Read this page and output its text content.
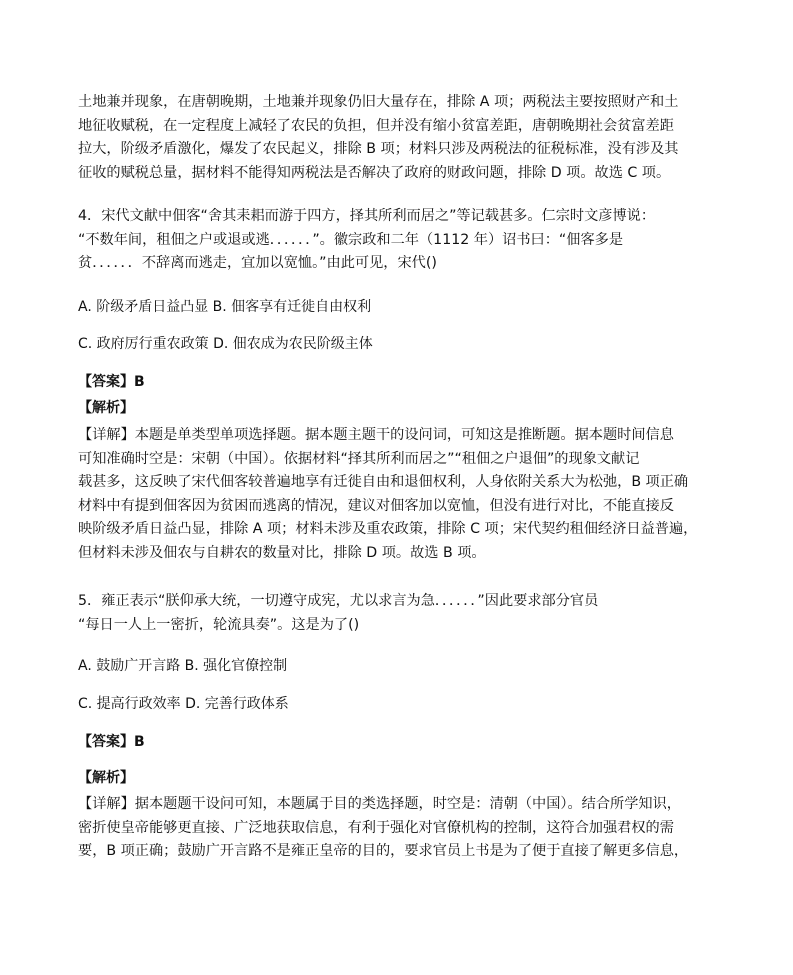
土地兼并现象，在唐朝晚期，土地兼并现象仍旧大量存在，排除 A 项；两税法主要按照财产和土
地征收赋税，在一定程度上减轻了农民的负担，但并没有缩小贫富差距，唐朝晚期社会贫富差距
拉大，阶级矛盾激化，爆发了农民起义，排除 B 项；材料只涉及两税法的征税标准，没有涉及其
征收的赋税总量，据材料不能得知两税法是否解决了政府的财政问题，排除 D 项。故选 C 项。
4．宋代文献中佃客“舍其耒耜而游于四方，择其所利而居之”等记载甚多。仁宗时文彦博说：
“不数年间，租佃之户或退或逃．．．．．．”。徽宗政和二年（1112 年）诏书曰：“佃客多是
贫．．．．．．不辞离而逃走，宜加以宽恤。”由此可见，宋代()
A. 阶级矛盾日益凸显 B. 佃客享有迁徙自由权利
C. 政府厉行重农政策 D. 佃农成为农民阶级主体
【答案】B
【解析】
【详解】本题是单类型单项选择题。据本题主题干的设问词，可知这是推断题。据本题时间信息
可知准确时空是：宋朝（中国）。依据材料“择其所利而居之”“租佃之户退佃”的现象文献记
载甚多，这反映了宋代佃客较普遍地享有迁徙自由和退佃权利，人身依附关系大为松弛，B 项正确
材料中有提到佃客因为贫困而逃离的情况，建议对佃客加以宽恤，但没有进行对比，不能直接反
映阶级矛盾日益凸显，排除 A 项；材料未涉及重农政策，排除 C 项；宋代契约租佃经济日益普遍，
但材料未涉及佃农与自耕农的数量对比，排除 D 项。故选 B 项。
5．雍正表示“朕仰承大统，一切遵守成宪，尤以求言为急．．．．．．”因此要求部分官员
“每日一人上一密折，轮流具奏”。这是为了()
A. 鼓励广开言路 B. 强化官僚控制
C. 提高行政效率 D. 完善行政体系
【答案】B
【解析】
【详解】据本题题干设问可知，本题属于目的类选择题，时空是：清朝（中国）。结合所学知识，
密折使皇帝能够更直接、广泛地获取信息，有利于强化对官僚机构的控制，这符合加强君权的需
要，B 项正确；鼓励广开言路不是雍正皇帝的目的，要求官员上书是为了便于直接了解更多信息，
